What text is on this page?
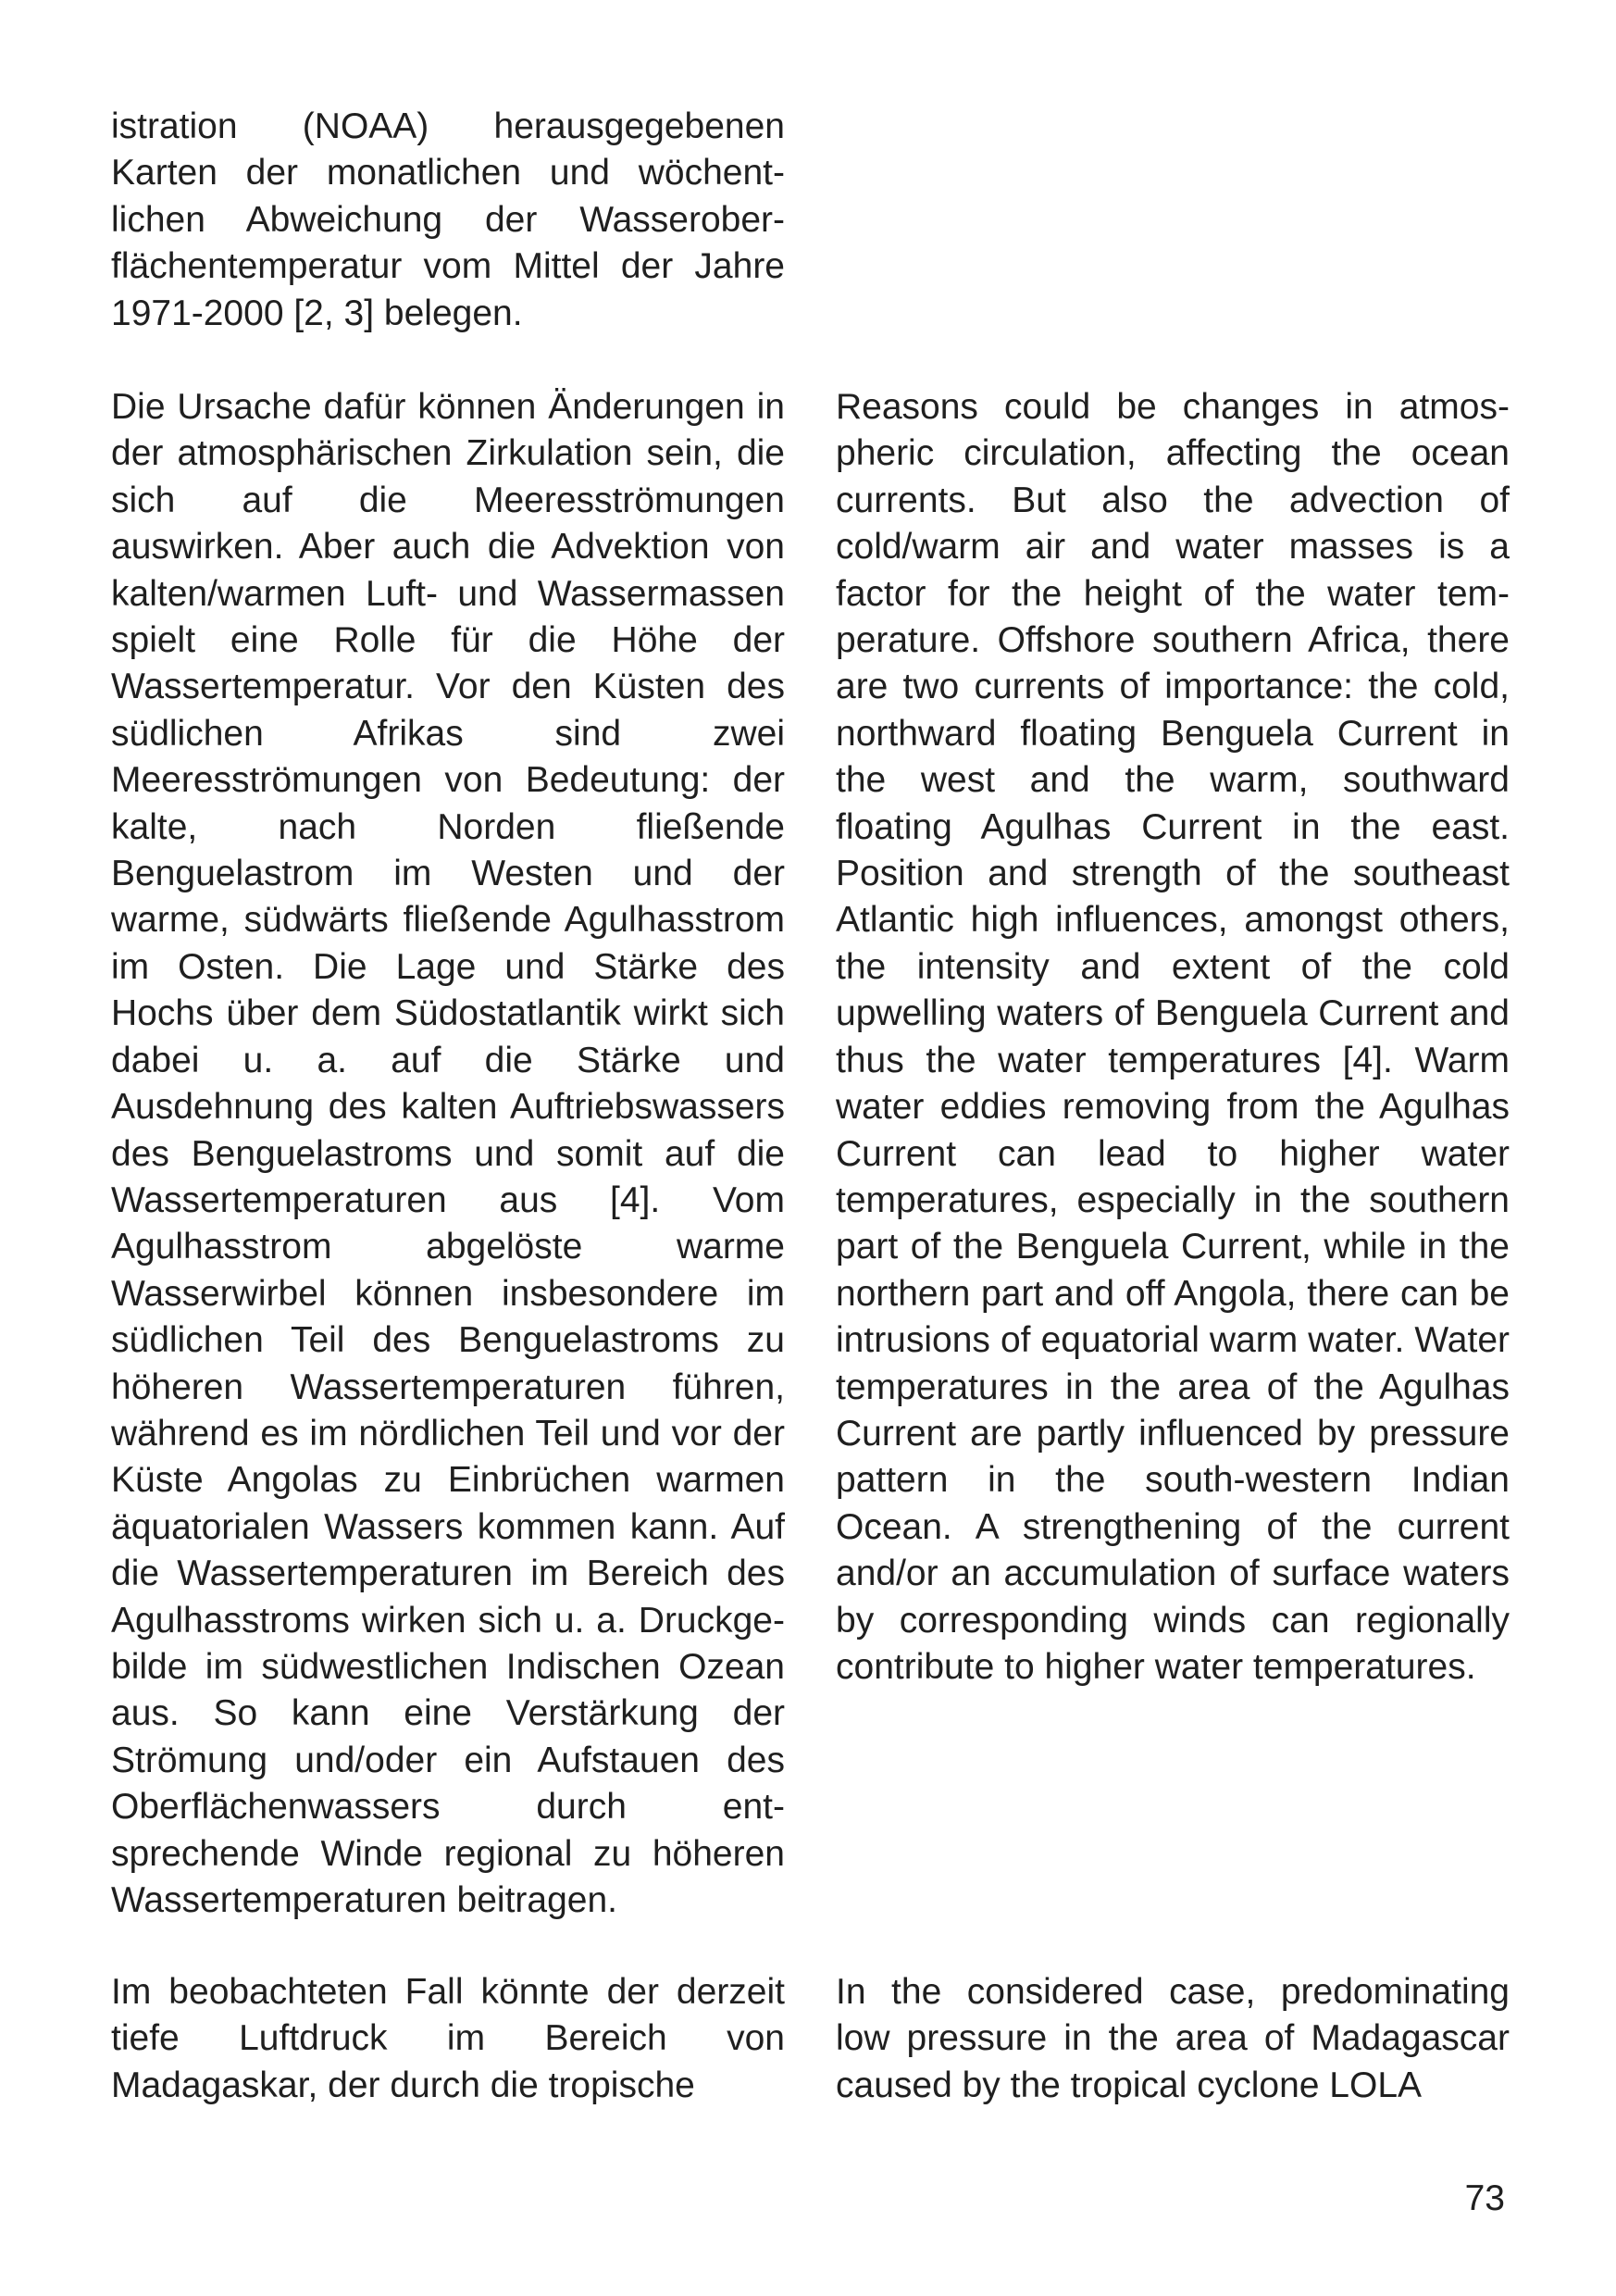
istration (NOAA) herausgegebenen Karten der monatlichen und wöchentlichen Abweichung der Wasseroberflächentemperatur vom Mittel der Jahre 1971-2000 [2, 3] belegen.

Die Ursache dafür können Änderungen in der atmosphärischen Zirkulation sein, die sich auf die Meeresströmungen auswirken. Aber auch die Advektion von kalten/warmen Luft- und Wassermassen spielt eine Rolle für die Höhe der Wassertemperatur. Vor den Küsten des südlichen Afrikas sind zwei Meeresströmungen von Bedeutung: der kalte, nach Norden fließende Benguelastrom im Westen und der warme, südwärts fließende Agulhasstrom im Osten. Die Lage und Stärke des Hochs über dem Südostatlantik wirkt sich dabei u. a. auf die Stärke und Ausdehnung des kalten Auftriebswassers des Benguelastroms und somit auf die Wassertemperaturen aus [4]. Vom Agulhasstrom abgelöste warme Wasserwirbel können insbesondere im südlichen Teil des Benguelastroms zu höheren Wassertemperaturen führen, während es im nördlichen Teil und vor der Küste Angolas zu Einbrüchen warmen äquatorialen Wassers kommen kann. Auf die Wassertemperaturen im Bereich des Agulhasstroms wirken sich u. a. Druckgebilde im südwestlichen Indischen Ozean aus. So kann eine Verstärkung der Strömung und/oder ein Aufstauen des Oberflächenwassers durch entsprechende Winde regional zu höheren Wassertemperaturen beitragen.

Reasons could be changes in atmospheric circulation, affecting the ocean currents. But also the advection of cold/warm air and water masses is a factor for the height of the water temperature. Offshore southern Africa, there are two currents of importance: the cold, northward floating Benguela Current in the west and the warm, southward floating Agulhas Current in the east. Position and strength of the southeast Atlantic high influences, amongst others, the intensity and extent of the cold upwelling waters of Benguela Current and thus the water temperatures [4]. Warm water eddies removing from the Agulhas Current can lead to higher water temperatures, especially in the southern part of the Benguela Current, while in the northern part and off Angola, there can be intrusions of equatorial warm water. Water temperatures in the area of the Agulhas Current are partly influenced by pressure pattern in the south-western Indian Ocean. A strengthening of the current and/or an accumulation of surface waters by corresponding winds can regionally contribute to higher water temperatures.

Im beobachteten Fall könnte der derzeit tiefe Luftdruck im Bereich von Madagaskar, der durch die tropische

In the considered case, predominating low pressure in the area of Madagascar caused by the tropical cyclone LOLA

73
